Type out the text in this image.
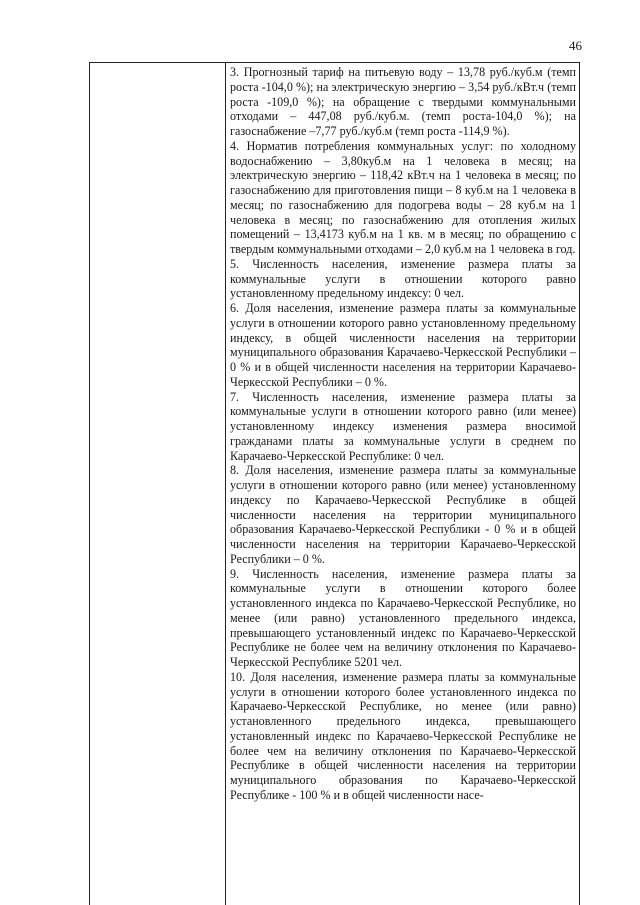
46

3. Прогнозный тариф на питьевую воду – 13,78 руб./куб.м (темп роста -104,0 %); на электрическую энергию – 3,54 руб./кВт.ч (темп роста -109,0 %); на обращение с твердыми коммунальными отходами – 447,08 руб./куб.м. (темп роста-104,0 %); на газоснабжение –7,77 руб./куб.м (темп роста -114,9 %).

4. Норматив потребления коммунальных услуг: по холодному водоснабжению – 3,80куб.м на 1 человека в месяц; на электрическую энергию – 118,42 кВт.ч на 1 человека в месяц; по газоснабжению для приготовления пищи – 8 куб.м на 1 человека в месяц; по газоснабжению для подогрева воды – 28 куб.м на 1 человека в месяц; по газоснабжению для отопления жилых помещений – 13,4173 куб.м на 1 кв. м в месяц; по обращению с твердым коммунальными отходами – 2,0 куб.м на 1 человека в год.

5. Численность населения, изменение размера платы за коммунальные услуги в отношении которого равно установленному предельному индексу: 0 чел.

6. Доля населения, изменение размера платы за коммунальные услуги в отношении которого равно установленному предельному индексу, в общей численности населения на территории муниципального образования Карачаево-Черкесской Республики – 0 % и в общей численности населения на территории Карачаево-Черкесской Республики – 0 %.

7. Численность населения, изменение размера платы за коммунальные услуги в отношении которого равно (или менее) установленному индексу изменения размера вносимой гражданами платы за коммунальные услуги в среднем по Карачаево-Черкесской Республике: 0 чел.

8. Доля населения, изменение размера платы за коммунальные услуги в отношении которого равно (или менее) установленному индексу по Карачаево-Черкесской Республике в общей численности населения на территории муниципального образования Карачаево-Черкесской Республики - 0 % и в общей численности населения на территории Карачаево-Черкесской Республики – 0 %.

9. Численность населения, изменение размера платы за коммунальные услуги в отношении которого более установленного индекса по Карачаево-Черкесской Республике, но менее (или равно) установленного предельного индекса, превышающего установленный индекс по Карачаево-Черкесской Республике не более чем на величину отклонения по Карачаево-Черкесской Республике 5201 чел.

10. Доля населения, изменение размера платы за коммунальные услуги в отношении которого более установленного индекса по Карачаево-Черкесской Республике, но менее (или равно) установленного предельного индекса, превышающего установленный индекс по Карачаево-Черкесской Республике не более чем на величину отклонения по Карачаево-Черкесской Республике в общей численности населения на территории муниципального образования по Карачаево-Черкесской Республике - 100 % и в общей численности насе-
